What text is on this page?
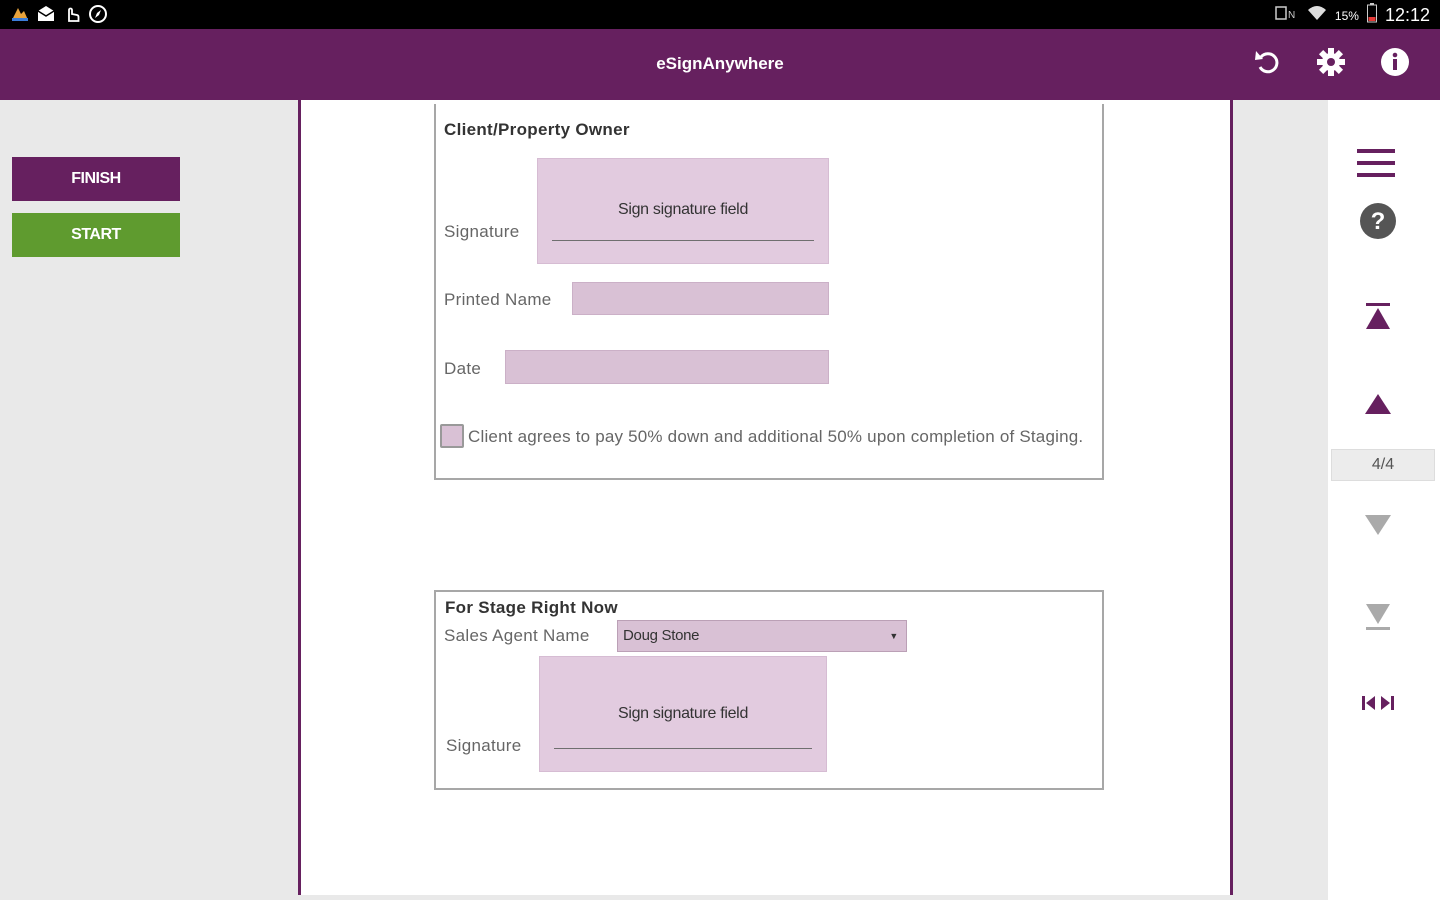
N	15% 12:12
eSignAnywhere
FINISH
START
Client/Property Owner
Signature
Sign signature field
Printed Name
Date
Client agrees to pay 50% down and additional 50% upon completion of Staging.
For Stage Right Now
Sales Agent Name	Doug Stone	▼
Signature
Sign signature field
?
4/4
